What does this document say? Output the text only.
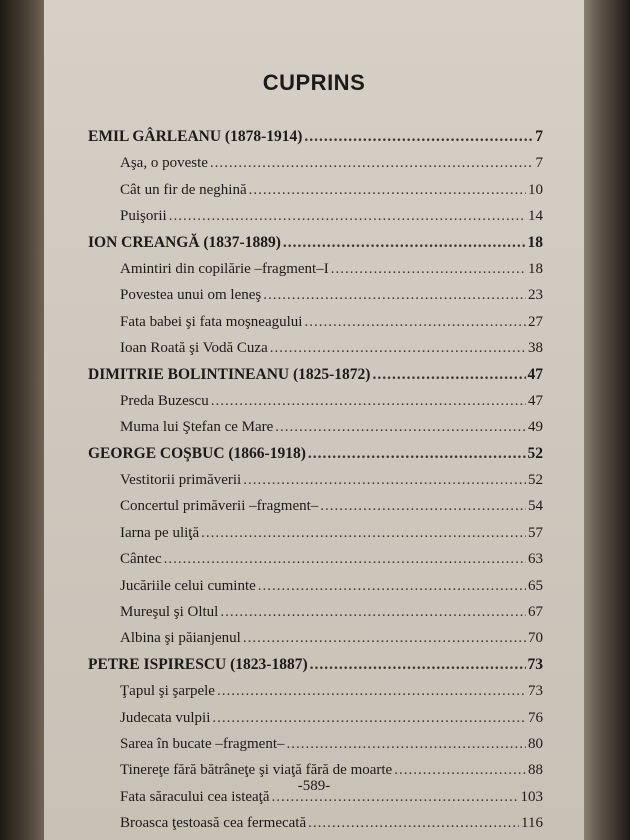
CUPRINS
EMIL GÂRLEANU (1878-1914) .....	7
Aşa, o poveste .....	7
Cât un fir de neghină .....	10
Puişorii .....	14
ION CREANGĂ (1837-1889) .....	18
Amintiri din copilărie –fragment–I .....	18
Povestea unui om leneş .....	23
Fata babei şi fata moşneagului .....	27
Ioan Roată şi Vodă Cuza .....	38
DIMITRIE BOLINTINEANU (1825-1872) .....	47
Preda Buzescu .....	47
Muma lui Ştefan ce Mare .....	49
GEORGE COŞBUC (1866-1918) .....	52
Vestitorii primăverii .....	52
Concertul primăverii –fragment– .....	54
Iarna pe uliţă .....	57
Cântec .....	63
Jucăriile celui cuminte .....	65
Mureşul şi Oltul .....	67
Albina şi păianjenul .....	70
PETRE ISPIRESCU (1823-1887) .....	73
Ţapul şi şarpele .....	73
Judecata vulpii .....	76
Sarea în bucate –fragment– .....	80
Tinereţe fără bătrâneţe şi viaţă fără de moarte .....	88
Fata săracului cea isteaţă .....	103
Broasca ţestoasă cea fermecată .....	116
-589-
